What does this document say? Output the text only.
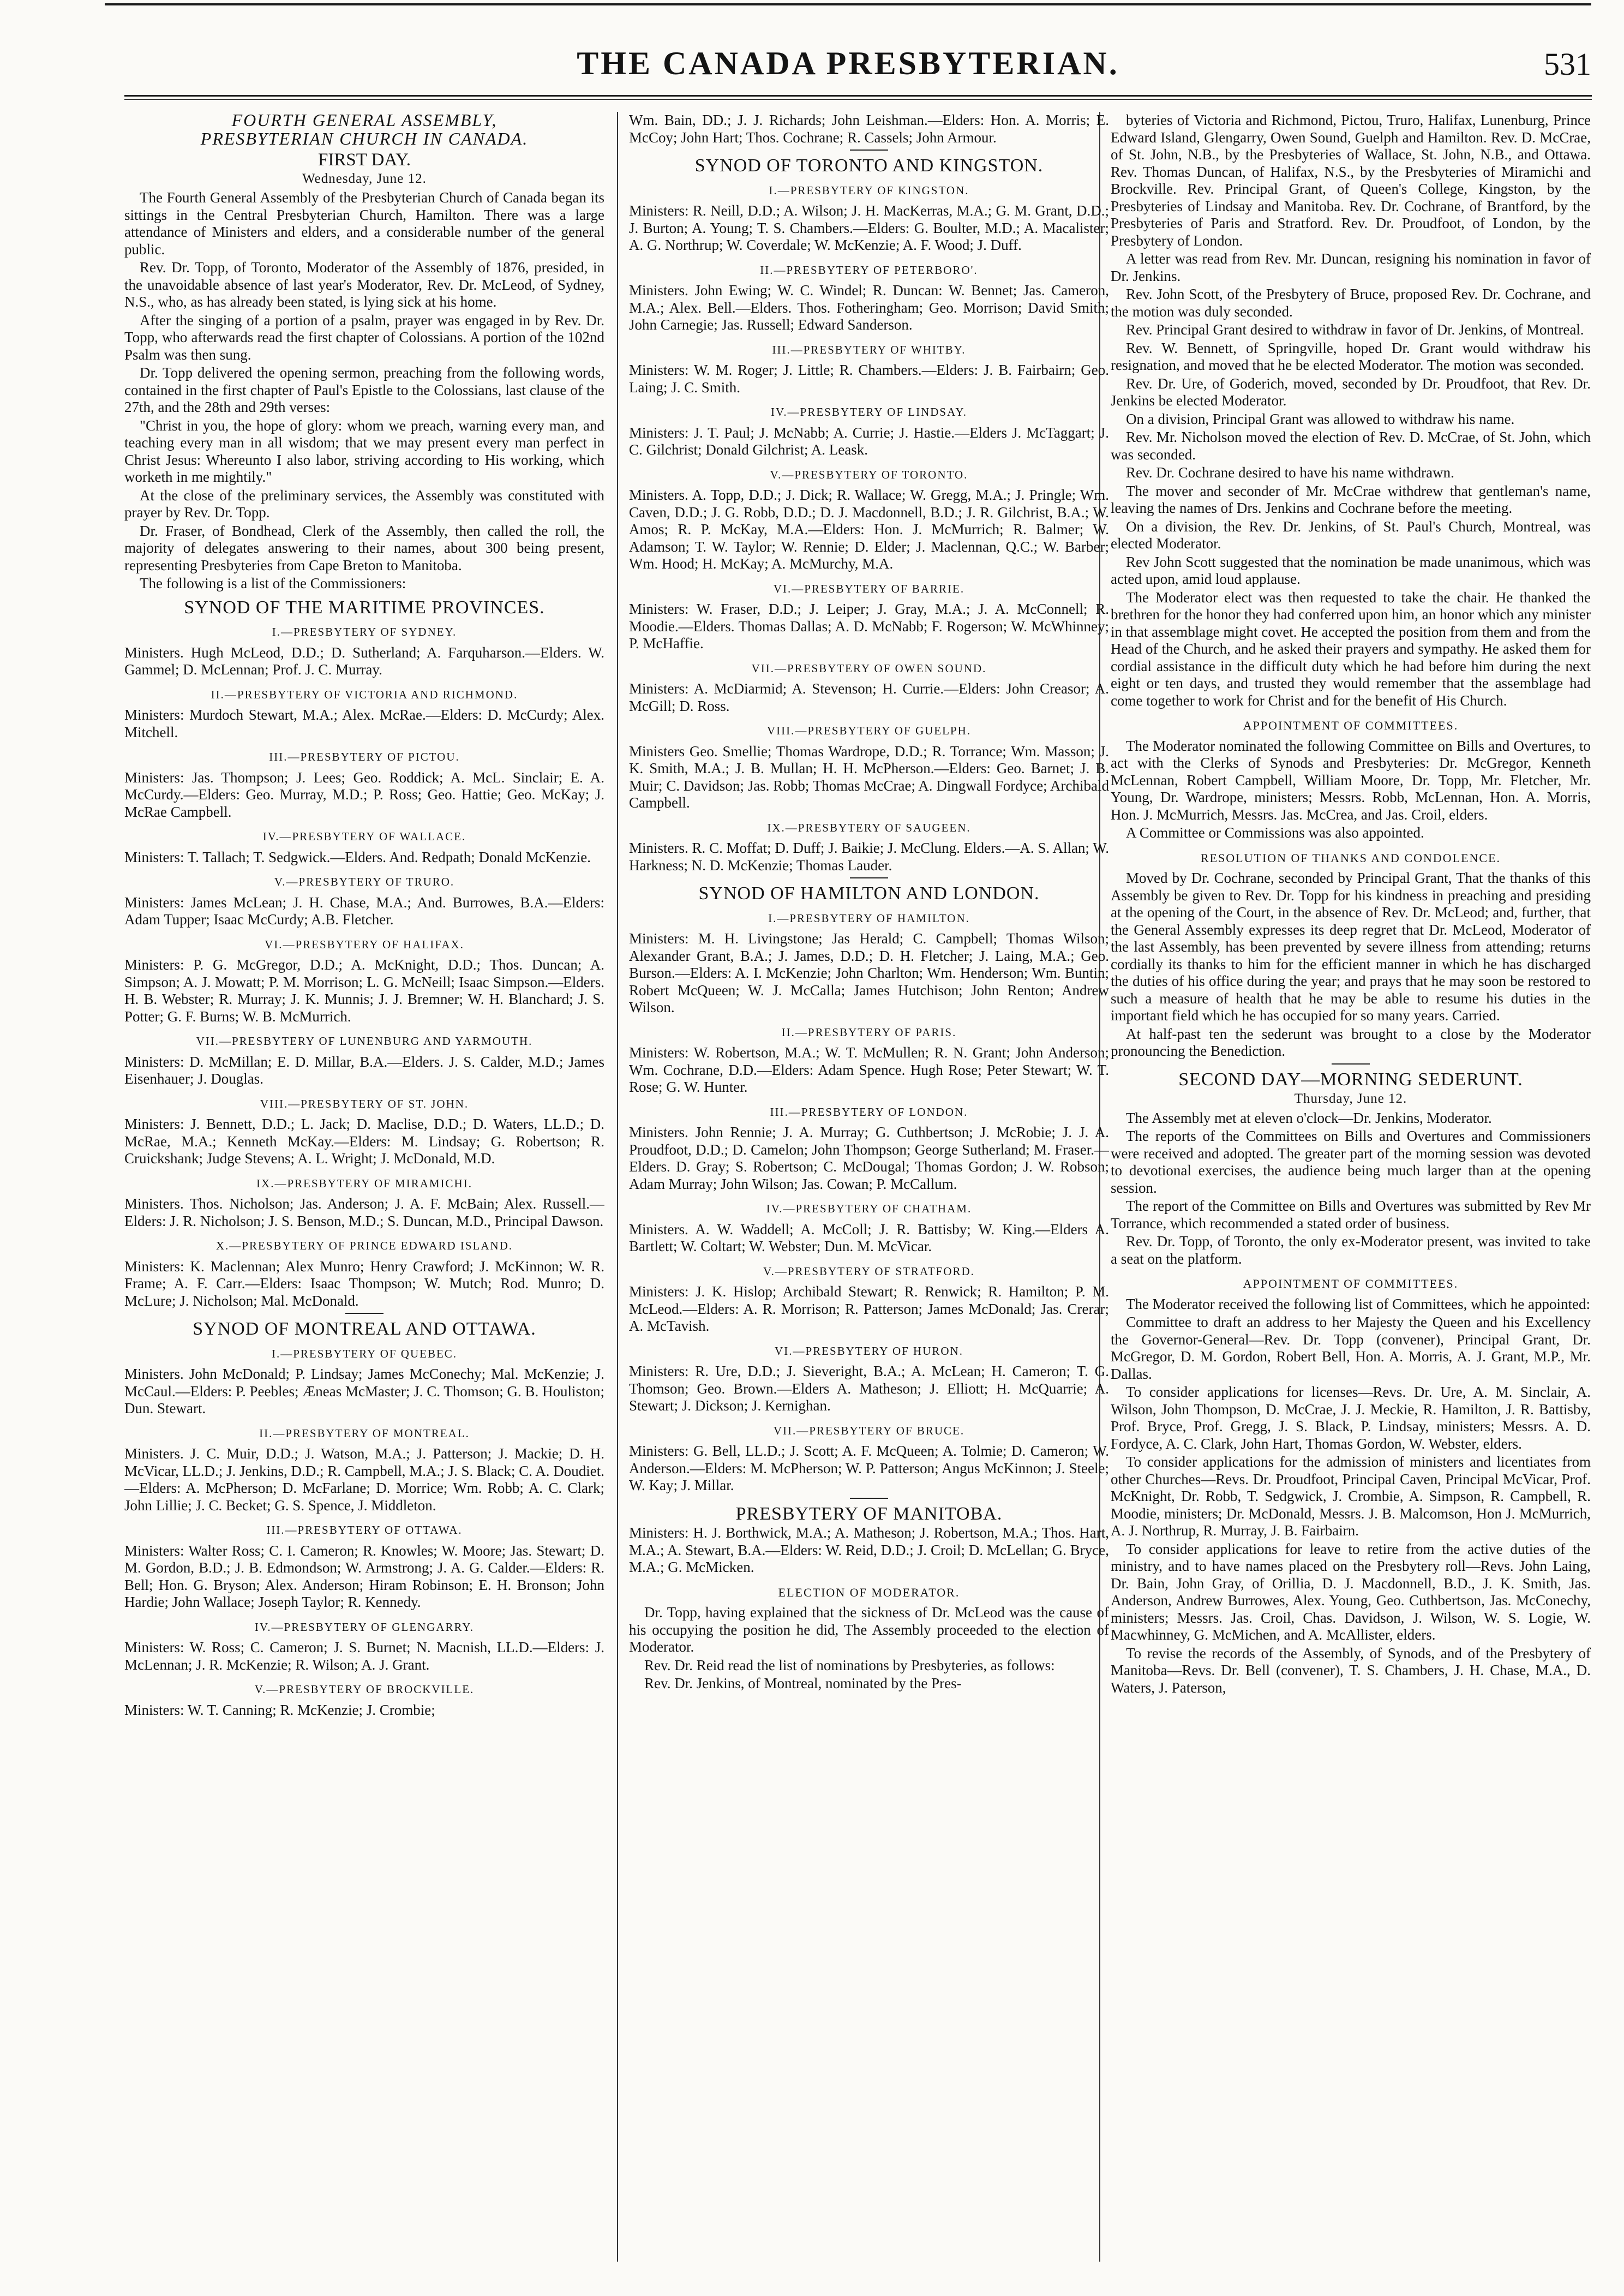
THE CANADA PRESBYTERIAN.	531

FOURTH GENERAL ASSEMBLY,

PRESBYTERIAN CHURCH IN CANADA.

FIRST DAY.
Wednesday, June 12.

The Fourth General Assembly of the Presbyterian Church of Canada began its sittings in the Central Presbyterian Church, Hamilton. There was a large attendance of Ministers and elders, and a considerable number of the general public.

Rev. Dr. Topp, of Toronto, Moderator of the Assembly of 1876, presided, in the unavoidable absence of last year's Moderator, Rev. Dr. McLeod, of Sydney, N.S., who, as has already been stated, is lying sick at his home.

After the singing of a portion of a psalm, prayer was engaged in by Rev. Dr. Topp, who afterwards read the first chapter of Colossians. A portion of the 102nd Psalm was then sung.

Dr. Topp delivered the opening sermon, preaching from the following words, contained in the first chapter of Paul's Epistle to the Colossians, last clause of the 27th, and the 28th and 29th verses:

"Christ in you, the hope of glory: whom we preach, warning every man, and teaching every man in all wisdom; that we may present every man perfect in Christ Jesus: Whereunto I also labor, striving according to His working, which worketh in me mightily."

At the close of the preliminary services, the Assembly was constituted with prayer by Rev. Dr. Topp.

Dr. Fraser, of Bondhead, Clerk of the Assembly, then called the roll, the majority of delegates answering to their names, about 300 being present, representing Presbyteries from Cape Breton to Manitoba.

The following is a list of the Commissioners:

SYNOD OF THE MARITIME PROVINCES.
I.—PRESBYTERY OF SYDNEY.

Ministers. Hugh McLeod, D.D.; D. Sutherland; A. Farquharson.—Elders. W. Gammel; D. McLennan; Prof. J. C. Murray.

II.—PRESBYTERY OF VICTORIA AND RICHMOND.

Ministers: Murdoch Stewart, M.A.; Alex. McRae.—Elders: D. McCurdy; Alex. Mitchell.

III.—PRESBYTERY OF PICTOU.

Ministers: Jas. Thompson; J. Lees; Geo. Roddick; A. McL. Sinclair; E. A. McCurdy.—Elders: Geo. Murray, M.D.; P. Ross; Geo. Hattie; Geo. McKay; J. McRae Campbell.

IV.—PRESBYTERY OF WALLACE.

Ministers: T. Tallach; T. Sedgwick.—Elders. And. Redpath; Donald McKenzie.

V.—PRESBYTERY OF TRURO.

Ministers: James McLean; J. H. Chase, M.A.; And. Burrowes, B.A.—Elders: Adam Tupper; Isaac McCurdy; A.B. Fletcher.

VI.—PRESBYTERY OF HALIFAX.

Ministers: P. G. McGregor, D.D.; A. McKnight, D.D.; Thos. Duncan; A. Simpson; A. J. Mowatt; P. M. Morrison; L. G. McNeill; Isaac Simpson.—Elders. H. B. Webster; R. Murray; J. K. Munnis; J. J. Bremner; W. H. Blanchard; J. S. Potter; G. F. Burns; W. B. McMurrich.

VII.—PRESBYTERY OF LUNENBURG AND YARMOUTH.

Ministers: D. McMillan; E. D. Millar, B.A.—Elders. J. S. Calder, M.D.; James Eisenhauer; J. Douglas.

VIII.—PRESBYTERY OF ST. JOHN.

Ministers: J. Bennett, D.D.; L. Jack; D. Maclise, D.D.; D. Waters, LL.D.; D. McRae, M.A.; Kenneth McKay.—Elders: M. Lindsay; G. Robertson; R. Cruickshank; Judge Stevens; A. L. Wright; J. McDonald, M.D.

IX.—PRESBYTERY OF MIRAMICHI.

Ministers. Thos. Nicholson; Jas. Anderson; J. A. F. McBain; Alex. Russell.—Elders: J. R. Nicholson; J. S. Benson, M.D.; S. Duncan, M.D., Principal Dawson.

X.—PRESBYTERY OF PRINCE EDWARD ISLAND.

Ministers: K. Maclennan; Alex Munro; Henry Crawford; J. McKinnon; W. R. Frame; A. F. Carr.—Elders: Isaac Thompson; W. Mutch; Rod. Munro; D. McLure; J. Nicholson; Mal. McDonald.

SYNOD OF MONTREAL AND OTTAWA.
I.—PRESBYTERY OF QUEBEC.

Ministers. John McDonald; P. Lindsay; James McConechy; Mal. McKenzie; J. McCaul.—Elders: P. Peebles; Æneas McMaster; J. C. Thomson; G. B. Houliston; Dun. Stewart.

II.—PRESBYTERY OF MONTREAL.

Ministers. J. C. Muir, D.D.; J. Watson, M.A.; J. Patterson; J. Mackie; D. H. McVicar, LL.D.; J. Jenkins, D.D.; R. Campbell, M.A.; J. S. Black; C. A. Doudiet.—Elders: A. McPherson; D. McFarlane; D. Morrice; Wm. Robb; A. C. Clark; John Lillie; J. C. Becket; G. S. Spence, J. Middleton.

III.—PRESBYTERY OF OTTAWA.

Ministers: Walter Ross; C. I. Cameron; R. Knowles; W. Moore; Jas. Stewart; D. M. Gordon, B.D.; J. B. Edmondson; W. Armstrong; J. A. G. Calder.—Elders: R. Bell; Hon. G. Bryson; Alex. Anderson; Hiram Robinson; E. H. Bronson; John Hardie; John Wallace; Joseph Taylor; R. Kennedy.

IV.—PRESBYTERY OF GLENGARRY.

Ministers: W. Ross; C. Cameron; J. S. Burnet; N. Macnish, LL.D.—Elders: J. McLennan; J. R. McKenzie; R. Wilson; A. J. Grant.

V.—PRESBYTERY OF BROCKVILLE.

Ministers: W. T. Canning; R. McKenzie; J. Crombie;

Wm. Bain, DD.; J. J. Richards; John Leishman.—Elders: Hon. A. Morris; E. McCoy; John Hart; Thos. Cochrane; R. Cassels; John Armour.

SYNOD OF TORONTO AND KINGSTON.
I.—PRESBYTERY OF KINGSTON.

Ministers: R. Neill, D.D.; A. Wilson; J. H. MacKerras, M.A.; G. M. Grant, D.D.; J. Burton; A. Young; T. S. Chambers.—Elders: G. Boulter, M.D.; A. Macalister; A. G. Northrup; W. Coverdale; W. McKenzie; A. F. Wood; J. Duff.

II.—PRESBYTERY OF PETERBORO'.

Ministers. John Ewing; W. C. Windel; R. Duncan: W. Bennet; Jas. Cameron, M.A.; Alex. Bell.—Elders. Thos. Fotheringham; Geo. Morrison; David Smith; John Carnegie; Jas. Russell; Edward Sanderson.

III.—PRESBYTERY OF WHITBY.

Ministers: W. M. Roger; J. Little; R. Chambers.—Elders: J. B. Fairbairn; Geo. Laing; J. C. Smith.

IV.—PRESBYTERY OF LINDSAY.

Ministers: J. T. Paul; J. McNabb; A. Currie; J. Hastie.—Elders J. McTaggart; J. C. Gilchrist; Donald Gilchrist; A. Leask.

V.—PRESBYTERY OF TORONTO.

Ministers. A. Topp, D.D.; J. Dick; R. Wallace; W. Gregg, M.A.; J. Pringle; Wm. Caven, D.D.; J. G. Robb, D.D.; D. J. Macdonnell, B.D.; J. R. Gilchrist, B.A.; W. Amos; R. P. McKay, M.A.—Elders: Hon. J. McMurrich; R. Balmer; W. Adamson; T. W. Taylor; W. Rennie; D. Elder; J. Maclennan, Q.C.; W. Barber; Wm. Hood; H. McKay; A. McMurchy, M.A.

VI.—PRESBYTERY OF BARRIE.

Ministers: W. Fraser, D.D.; J. Leiper; J. Gray, M.A.; J. A. McConnell; R. Moodie.—Elders. Thomas Dallas; A. D. McNabb; F. Rogerson; W. McWhinney; P. McHaffie.

VII.—PRESBYTERY OF OWEN SOUND.

Ministers: A. McDiarmid; A. Stevenson; H. Currie.—Elders: John Creasor; A. McGill; D. Ross.

VIII.—PRESBYTERY OF GUELPH.

Ministers Geo. Smellie; Thomas Wardrope, D.D.; R. Torrance; Wm. Masson; J. K. Smith, M.A.; J. B. Mullan; H. H. McPherson.—Elders: Geo. Barnet; J. B. Muir; C. Davidson; Jas. Robb; Thomas McCrae; A. Dingwall Fordyce; Archibald Campbell.

IX.—PRESBYTERY OF SAUGEEN.

Ministers. R. C. Moffat; D. Duff; J. Baikie; J. McClung. Elders.—A. S. Allan; W. Harkness; N. D. McKenzie; Thomas Lauder.

SYNOD OF HAMILTON AND LONDON.
I.—PRESBYTERY OF HAMILTON.

Ministers: M. H. Livingstone; Jas Herald; C. Campbell; Thomas Wilson; Alexander Grant, B.A.; J. James, D.D.; D. H. Fletcher; J. Laing, M.A.; Geo. Burson.—Elders: A. I. McKenzie; John Charlton; Wm. Henderson; Wm. Buntin; Robert McQueen; W. J. McCalla; James Hutchison; John Renton; Andrew Wilson.

II.—PRESBYTERY OF PARIS.

Ministers: W. Robertson, M.A.; W. T. McMullen; R. N. Grant; John Anderson; Wm. Cochrane, D.D.—Elders: Adam Spence. Hugh Rose; Peter Stewart; W. T. Rose; G. W. Hunter.

III.—PRESBYTERY OF LONDON.

Ministers. John Rennie; J. A. Murray; G. Cuthbertson; J. McRobie; J. J. A. Proudfoot, D.D.; D. Camelon; John Thompson; George Sutherland; M. Fraser.—Elders. D. Gray; S. Robertson; C. McDougal; Thomas Gordon; J. W. Robson; Adam Murray; John Wilson; Jas. Cowan; P. McCallum.

IV.—PRESBYTERY OF CHATHAM.

Ministers. A. W. Waddell; A. McColl; J. R. Battisby; W. King.—Elders A. Bartlett; W. Coltart; W. Webster; Dun. M. McVicar.

V.—PRESBYTERY OF STRATFORD.

Ministers: J. K. Hislop; Archibald Stewart; R. Renwick; R. Hamilton; P. M. McLeod.—Elders: A. R. Morrison; R. Patterson; James McDonald; Jas. Crerar; A. McTavish.

VI.—PRESBYTERY OF HURON.

Ministers: R. Ure, D.D.; J. Sieveright, B.A.; A. McLean; H. Cameron; T. G. Thomson; Geo. Brown.—Elders A. Matheson; J. Elliott; H. McQuarrie; A. Stewart; J. Dickson; J. Kernighan.

VII.—PRESBYTERY OF BRUCE.

Ministers: G. Bell, LL.D.; J. Scott; A. F. McQueen; A. Tolmie; D. Cameron; W. Anderson.—Elders: M. McPherson; W. P. Patterson; Angus McKinnon; J. Steele; W. Kay; J. Millar.

PRESBYTERY OF MANITOBA.

Ministers: H. J. Borthwick, M.A.; A. Matheson; J. Robertson, M.A.; Thos. Hart, M.A.; A. Stewart, B.A.—Elders: W. Reid, D.D.; J. Croil; D. McLellan; G. Bryce, M.A.; G. McMicken.

ELECTION OF MODERATOR.

Dr. Topp, having explained that the sickness of Dr. McLeod was the cause of his occupying the position he did, The Assembly proceeded to the election of Moderator.

Rev. Dr. Reid read the list of nominations by Presbyteries, as follows:

Rev. Dr. Jenkins, of Montreal, nominated by the Pres-

byteries of Victoria and Richmond, Pictou, Truro, Halifax, Lunenburg, Prince Edward Island, Glengarry, Owen Sound, Guelph and Hamilton. Rev. D. McCrae, of St. John, N.B., by the Presbyteries of Wallace, St. John, N.B., and Ottawa. Rev. Thomas Duncan, of Halifax, N.S., by the Presbyteries of Miramichi and Brockville. Rev. Principal Grant, of Queen's College, Kingston, by the Presbyteries of Lindsay and Manitoba. Rev. Dr. Cochrane, of Brantford, by the Presbyteries of Paris and Stratford. Rev. Dr. Proudfoot, of London, by the Presbytery of London.

A letter was read from Rev. Mr. Duncan, resigning his nomination in favor of Dr. Jenkins.

Rev. John Scott, of the Presbytery of Bruce, proposed Rev. Dr. Cochrane, and the motion was duly seconded.

Rev. Principal Grant desired to withdraw in favor of Dr. Jenkins, of Montreal.

Rev. W. Bennett, of Springville, hoped Dr. Grant would withdraw his resignation, and moved that he be elected Moderator. The motion was seconded.

Rev. Dr. Ure, of Goderich, moved, seconded by Dr. Proudfoot, that Rev. Dr. Jenkins be elected Moderator.

On a division, Principal Grant was allowed to withdraw his name.

Rev. Mr. Nicholson moved the election of Rev. D. McCrae, of St. John, which was seconded.

Rev. Dr. Cochrane desired to have his name withdrawn.

The mover and seconder of Mr. McCrae withdrew that gentleman's name, leaving the names of Drs. Jenkins and Cochrane before the meeting.

On a division, the Rev. Dr. Jenkins, of St. Paul's Church, Montreal, was elected Moderator.

Rev John Scott suggested that the nomination be made unanimous, which was acted upon, amid loud applause.

The Moderator elect was then requested to take the chair. He thanked the brethren for the honor they had conferred upon him, an honor which any minister in that assemblage might covet. He accepted the position from them and from the Head of the Church, and he asked their prayers and sympathy. He asked them for cordial assistance in the difficult duty which he had before him during the next eight or ten days, and trusted they would remember that the assemblage had come together to work for Christ and for the benefit of His Church.

APPOINTMENT OF COMMITTEES.

The Moderator nominated the following Committee on Bills and Overtures, to act with the Clerks of Synods and Presbyteries: Dr. McGregor, Kenneth McLennan, Robert Campbell, William Moore, Dr. Topp, Mr. Fletcher, Mr. Young, Dr. Wardrope, ministers; Messrs. Robb, McLennan, Hon. A. Morris, Hon. J. McMurrich, Messrs. Jas. McCrea, and Jas. Croil, elders.

A Committee or Commissions was also appointed.

RESOLUTION OF THANKS AND CONDOLENCE.

Moved by Dr. Cochrane, seconded by Principal Grant, That the thanks of this Assembly be given to Rev. Dr. Topp for his kindness in preaching and presiding at the opening of the Court, in the absence of Rev. Dr. McLeod; and, further, that the General Assembly expresses its deep regret that Dr. McLeod, Moderator of the last Assembly, has been prevented by severe illness from attending; returns cordially its thanks to him for the efficient manner in which he has discharged the duties of his office during the year; and prays that he may soon be restored to such a measure of health that he may be able to resume his duties in the important field which he has occupied for so many years. Carried.

At half-past ten the sederunt was brought to a close by the Moderator pronouncing the Benediction.

SECOND DAY—MORNING SEDERUNT.
Thursday, June 12.

The Assembly met at eleven o'clock—Dr. Jenkins, Moderator.

The reports of the Committees on Bills and Overtures and Commissioners were received and adopted. The greater part of the morning session was devoted to devotional exercises, the audience being much larger than at the opening session.

The report of the Committee on Bills and Overtures was submitted by Rev Mr Torrance, which recommended a stated order of business.

Rev. Dr. Topp, of Toronto, the only ex-Moderator present, was invited to take a seat on the platform.

APPOINTMENT OF COMMITTEES.

The Moderator received the following list of Committees, which he appointed:

Committee to draft an address to her Majesty the Queen and his Excellency the Governor-General—Rev. Dr. Topp (convener), Principal Grant, Dr. McGregor, D. M. Gordon, Robert Bell, Hon. A. Morris, A. J. Grant, M.P., Mr. Dallas.

To consider applications for licenses—Revs. Dr. Ure, A. M. Sinclair, A. Wilson, John Thompson, D. McCrae, J. J. Meckie, R. Hamilton, J. R. Battisby, Prof. Bryce, Prof. Gregg, J. S. Black, P. Lindsay, ministers; Messrs. A. D. Fordyce, A. C. Clark, John Hart, Thomas Gordon, W. Webster, elders.

To consider applications for the admission of ministers and licentiates from other Churches—Revs. Dr. Proudfoot, Principal Caven, Principal McVicar, Prof. McKnight, Dr. Robb, T. Sedgwick, J. Crombie, A. Simpson, R. Campbell, R. Moodie, ministers; Dr. McDonald, Messrs. J. B. Malcomson, Hon J. McMurrich, A. J. Northrup, R. Murray, J. B. Fairbairn.

To consider applications for leave to retire from the active duties of the ministry, and to have names placed on the Presbytery roll—Revs. John Laing, Dr. Bain, John Gray, of Orillia, D. J. Macdonnell, B.D., J. K. Smith, Jas. Anderson, Andrew Burrowes, Alex. Young, Geo. Cuthbertson, Jas. McConechy, ministers; Messrs. Jas. Croil, Chas. Davidson, J. Wilson, W. S. Logie, W. Macwhinney, G. McMichen, and A. McAllister, elders.

To revise the records of the Assembly, of Synods, and of the Presbytery of Manitoba—Revs. Dr. Bell (convener), T. S. Chambers, J. H. Chase, M.A., D. Waters, J. Paterson,
